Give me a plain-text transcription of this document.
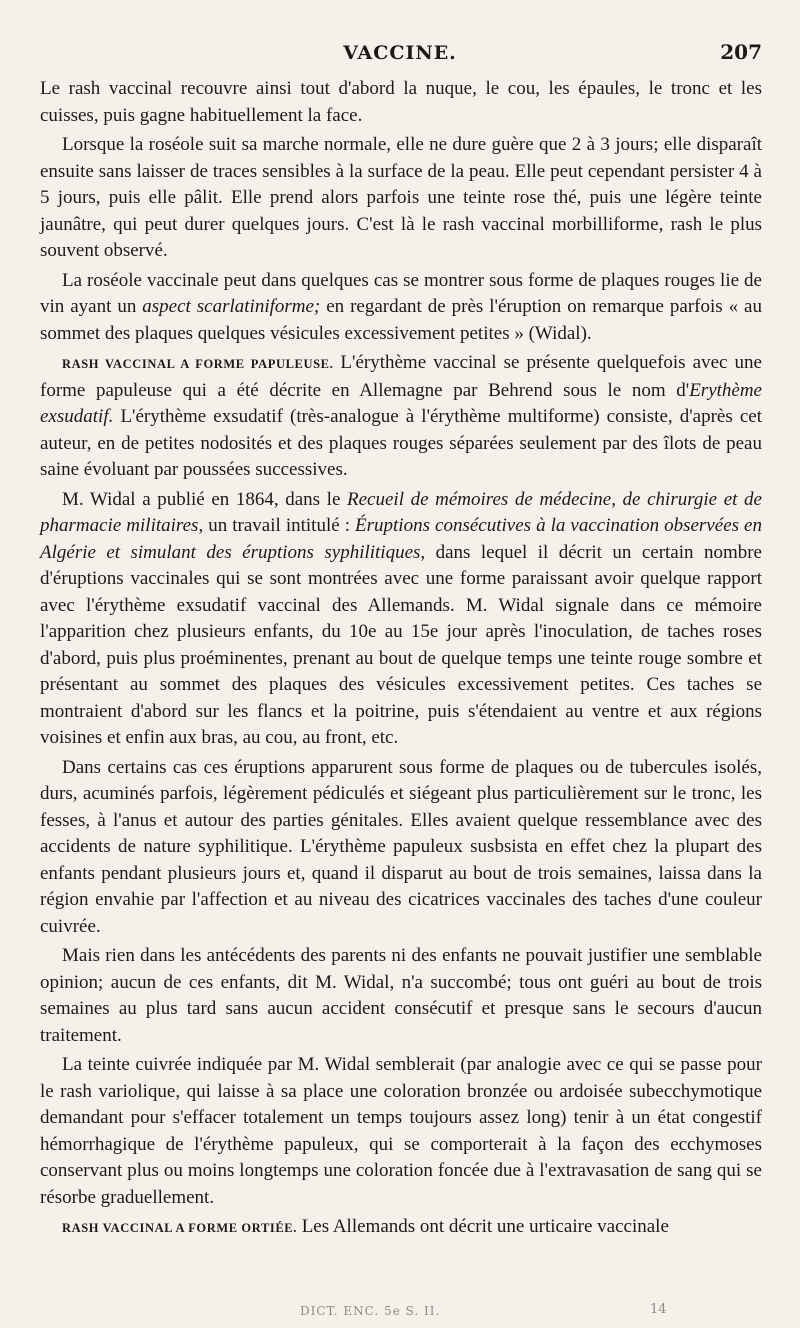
VACCINE.	207

Le rash vaccinal recouvre ainsi tout d'abord la nuque, le cou, les épaules, le tronc et les cuisses, puis gagne habituellement la face.

Lorsque la roséole suit sa marche normale, elle ne dure guère que 2 à 3 jours; elle disparaît ensuite sans laisser de traces sensibles à la surface de la peau. Elle peut cependant persister 4 à 5 jours, puis elle pâlit. Elle prend alors parfois une teinte rose thé, puis une légère teinte jaunâtre, qui peut durer quelques jours. C'est là le rash vaccinal morbilliforme, rash le plus souvent observé.

La roséole vaccinale peut dans quelques cas se montrer sous forme de plaques rouges lie de vin ayant un aspect scarlatiniforme; en regardant de près l'éruption on remarque parfois « au sommet des plaques quelques vésicules excessivement petites » (Widal).

RASH VACCINAL A FORME PAPULEUSE. L'érythème vaccinal se présente quelquefois avec une forme papuleuse qui a été décrite en Allemagne par Behrend sous le nom d'Erythème exsudatif. L'érythème exsudatif (très-analogue à l'érythème multiforme) consiste, d'après cet auteur, en de petites nodosités et des plaques rouges séparées seulement par des îlots de peau saine évoluant par poussées successives.

M. Widal a publié en 1864, dans le Recueil de mémoires de médecine, de chirurgie et de pharmacie militaires, un travail intitulé : Éruptions consécutives à la vaccination observées en Algérie et simulant des éruptions syphilitiques, dans lequel il décrit un certain nombre d'éruptions vaccinales qui se sont montrées avec une forme paraissant avoir quelque rapport avec l'érythème exsudatif vaccinal des Allemands. M. Widal signale dans ce mémoire l'apparition chez plusieurs enfants, du 10e au 15e jour après l'inoculation, de taches roses d'abord, puis plus proéminentes, prenant au bout de quelque temps une teinte rouge sombre et présentant au sommet des plaques des vésicules excessivement petites. Ces taches se montraient d'abord sur les flancs et la poitrine, puis s'étendaient au ventre et aux régions voisines et enfin aux bras, au cou, au front, etc.

Dans certains cas ces éruptions apparurent sous forme de plaques ou de tubercules isolés, durs, acuminés parfois, légèrement pédiculés et siégeant plus particulièrement sur le tronc, les fesses, à l'anus et autour des parties génitales. Elles avaient quelque ressemblance avec des accidents de nature syphilitique. L'érythème papuleux susbsista en effet chez la plupart des enfants pendant plusieurs jours et, quand il disparut au bout de trois semaines, laissa dans la région envahie par l'affection et au niveau des cicatrices vaccinales des taches d'une couleur cuivrée.

Mais rien dans les antécédents des parents ni des enfants ne pouvait justifier une semblable opinion; aucun de ces enfants, dit M. Widal, n'a succombé; tous ont guéri au bout de trois semaines au plus tard sans aucun accident consécutif et presque sans le secours d'aucun traitement.

La teinte cuivrée indiquée par M. Widal semblerait (par analogie avec ce qui se passe pour le rash variolique, qui laisse à sa place une coloration bronzée ou ardoisée subecchymotique demandant pour s'effacer totalement un temps toujours assez long) tenir à un état congestif hémorrhagique de l'érythème papuleux, qui se comporterait à la façon des ecchymoses conservant plus ou moins longtemps une coloration foncée due à l'extravasation de sang qui se résorbe graduellement.

RASH VACCINAL A FORME ORTIÉE. Les Allemands ont décrit une urticaire vaccinale

DICT. ENC. 5e S. II.	14
